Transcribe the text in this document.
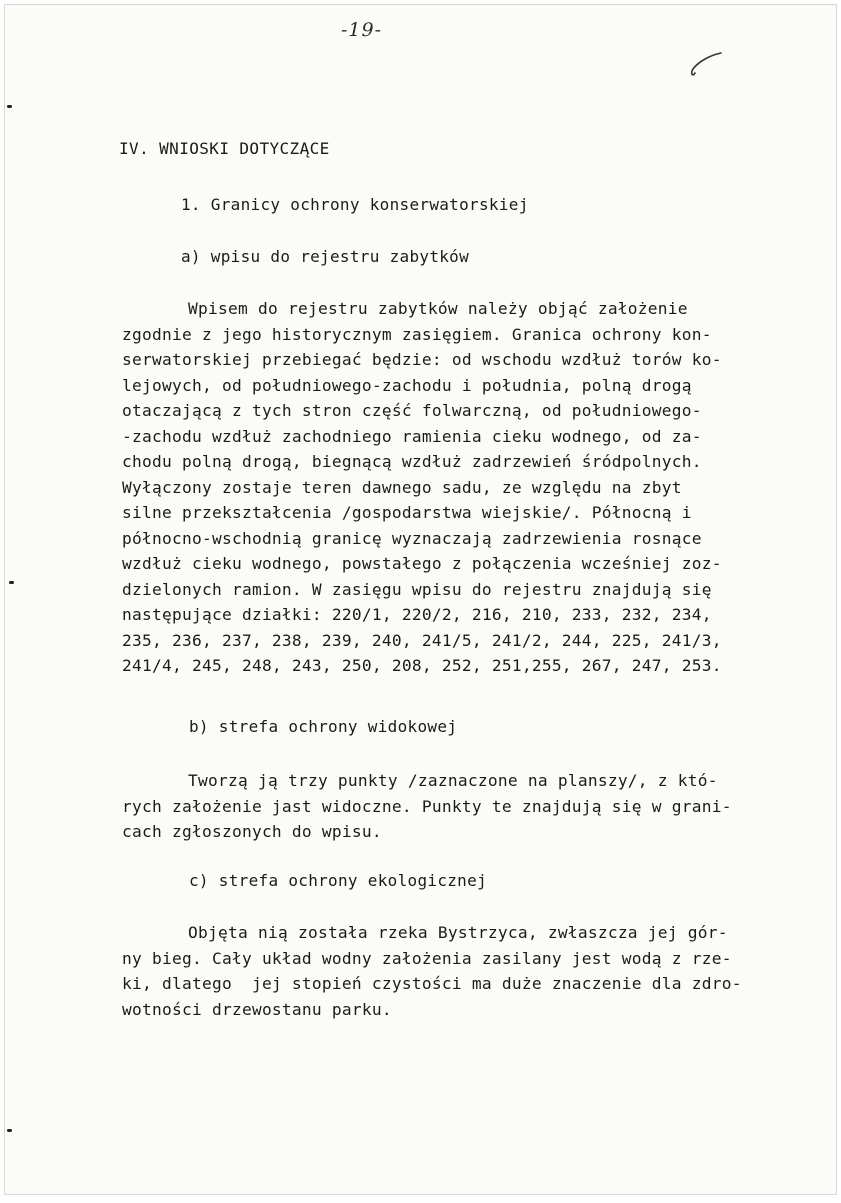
-19-
IV. WNIOSKI DOTYCZĄCE
1. Granicy ochrony konserwatorskiej
a) wpisu do rejestru zabytków
Wpisem do rejestru zabytków należy objąć założenie
zgodnie z jego historycznym zasięgiem. Granica ochrony kon-
serwatorskiej przebiegać będzie: od wschodu wzdłuż torów ko-
lejowych, od południowego-zachodu i południa, polną drogą
otaczającą z tych stron część folwarczną, od południowego-
-zachodu wzdłuż zachodniego ramienia cieku wodnego, od za-
chodu polną drogą, biegnącą wzdłuż zadrzewień śródpolnych.
Wyłączony zostaje teren dawnego sadu, ze względu na zbyt
silne przekształcenia /gospodarstwa wiejskie/. Północną i
północno-wschodnią granicę wyznaczają zadrzewienia rosnące
wzdłuż cieku wodnego, powstałego z połączenia wcześniej zoz-
dzielonych ramion. W zasięgu wpisu do rejestru znajdują się
następujące działki: 220/1, 220/2, 216, 210, 233, 232, 234,
235, 236, 237, 238, 239, 240, 241/5, 241/2, 244, 225, 241/3,
241/4, 245, 248, 243, 250, 208, 252, 251,255, 267, 247, 253.
b) strefa ochrony widokowej
Tworzą ją trzy punkty /zaznaczone na planszy/, z któ-
rych założenie jast widoczne. Punkty te znajdują się w grani-
cach zgłoszonych do wpisu.
c) strefa ochrony ekologicznej
Objęta nią została rzeka Bystrzyca, zwłaszcza jej gór-
ny bieg. Cały układ wodny założenia zasilany jest wodą z rze-
ki, dlatego  jej stopień czystości ma duże znaczenie dla zdro-
wotności drzewostanu parku.
